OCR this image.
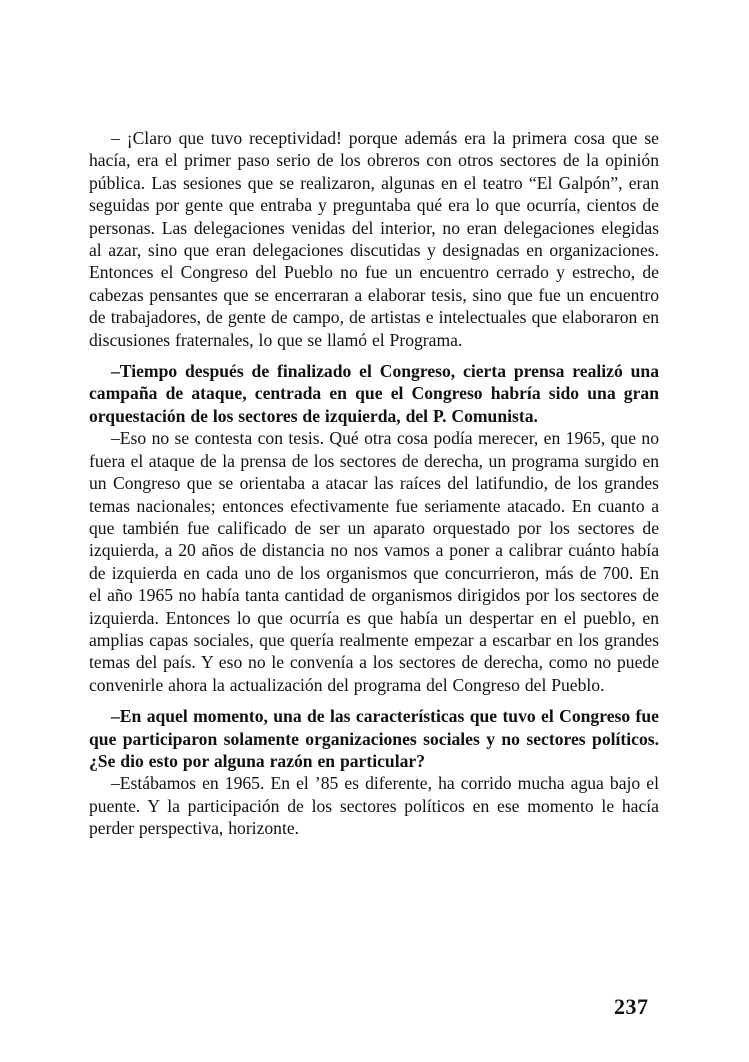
– ¡Claro que tuvo receptividad! porque además era la primera cosa que se hacía, era el primer paso serio de los obreros con otros sectores de la opinión pública. Las sesiones que se realizaron, algunas en el teatro “El Galpón”, eran seguidas por gente que entraba y preguntaba qué era lo que ocurría, cientos de personas. Las delegaciones venidas del interior, no eran delegaciones elegidas al azar, sino que eran delegaciones discutidas y designadas en organizaciones. Entonces el Congreso del Pueblo no fue un encuentro cerrado y estrecho, de cabezas pensantes que se encerraran a elaborar tesis, sino que fue un encuentro de trabajadores, de gente de campo, de artistas e intelectuales que elaboraron en discusiones fraternales, lo que se llamó el Programa.

–Tiempo después de finalizado el Congreso, cierta prensa realizó una campaña de ataque, centrada en que el Congreso habría sido una gran orquestación de los sectores de izquierda, del P. Comunista.

–Eso no se contesta con tesis. Qué otra cosa podía merecer, en 1965, que no fuera el ataque de la prensa de los sectores de derecha, un programa surgido en un Congreso que se orientaba a atacar las raíces del latifundio, de los grandes temas nacionales; entonces efectivamente fue seriamente atacado. En cuanto a que también fue calificado de ser un aparato orquestado por los sectores de izquierda, a 20 años de distancia no nos vamos a poner a calibrar cuánto había de izquierda en cada uno de los organismos que concurrieron, más de 700. En el año 1965 no había tanta cantidad de organismos dirigidos por los sectores de izquierda. Entonces lo que ocurría es que había un despertar en el pueblo, en amplias capas sociales, que quería realmente empezar a escarbar en los grandes temas del país. Y eso no le convenía a los sectores de derecha, como no puede convenirle ahora la actualización del programa del Congreso del Pueblo.

–En aquel momento, una de las características que tuvo el Congreso fue que participaron solamente organizaciones sociales y no sectores políticos. ¿Se dio esto por alguna razón en particular?

–Estábamos en 1965. En el ’85 es diferente, ha corrido mucha agua bajo el puente. Y la participación de los sectores políticos en ese momento le hacía perder perspectiva, horizonte.

237
